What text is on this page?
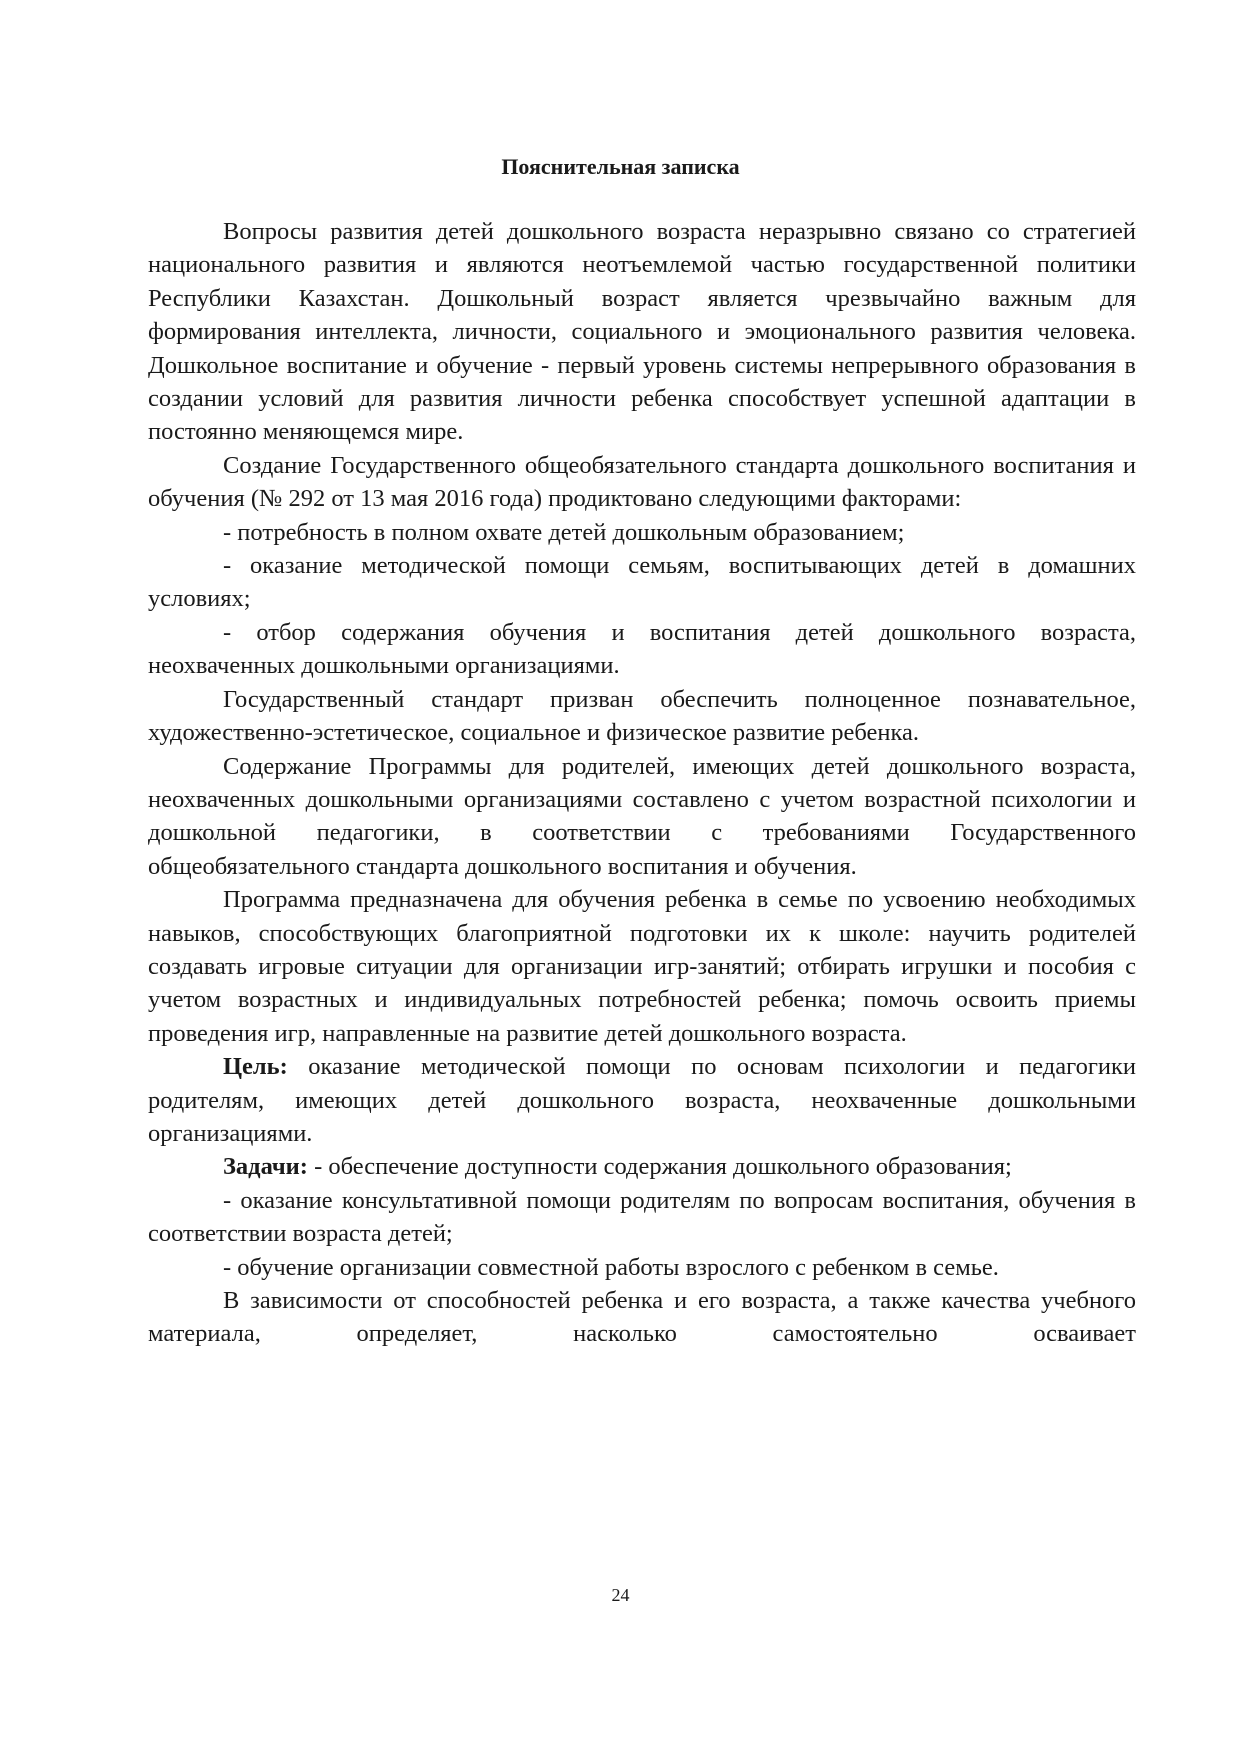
Пояснительная записка

Вопросы развития детей дошкольного возраста неразрывно связано со стратегией национального развития и являются неотъемлемой частью государственной политики Республики Казахстан. Дошкольный возраст является чрезвычайно важным для формирования интеллекта, личности, социального и эмоционального развития человека. Дошкольное воспитание и обучение - первый уровень системы непрерывного образования в создании условий для развития личности ребенка способствует успешной адаптации в постоянно меняющемся мире.

Создание Государственного общеобязательного стандарта дошкольного воспитания и обучения (№ 292 от 13 мая 2016 года) продиктовано следующими факторами:

- потребность в полном охвате детей дошкольным образованием;

- оказание методической помощи семьям, воспитывающих детей в домашних условиях;

- отбор содержания обучения и воспитания детей дошкольного возраста, неохваченных дошкольными организациями.

Государственный стандарт призван обеспечить полноценное познавательное, художественно-эстетическое, социальное и физическое развитие ребенка.

Содержание Программы для родителей, имеющих детей дошкольного возраста, неохваченных дошкольными организациями составлено с учетом возрастной психологии и дошкольной педагогики, в соответствии с требованиями Государственного общеобязательного стандарта дошкольного воспитания и обучения.

Программа предназначена для обучения ребенка в семье по усвоению необходимых навыков, способствующих благоприятной подготовки их к школе: научить родителей создавать игровые ситуации для организации игр-занятий; отбирать игрушки и пособия с учетом возрастных и индивидуальных потребностей ребенка; помочь освоить приемы проведения игр, направленные на развитие детей дошкольного возраста.

Цель: оказание методической помощи по основам психологии и педагогики родителям, имеющих детей дошкольного возраста, неохваченные дошкольными организациями.

Задачи: - обеспечение доступности содержания дошкольного образования;

- оказание консультативной помощи родителям по вопросам воспитания, обучения в соответствии возраста детей;

- обучение организации совместной работы взрослого с ребенком в семье.

В зависимости от способностей ребенка и его возраста, а также качества учебного материала, определяет, насколько самостоятельно осваивает

24
